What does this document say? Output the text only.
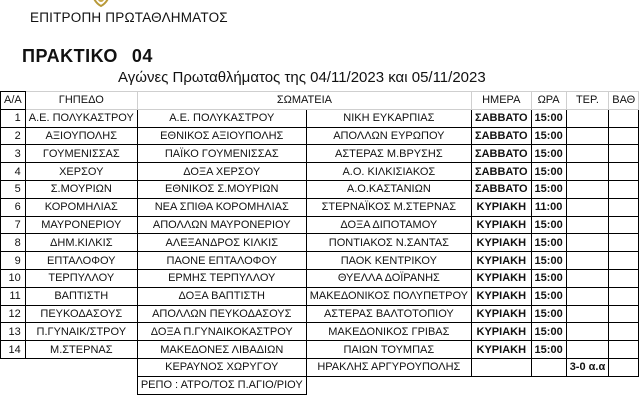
ΕΠΙΤΡΟΠΗ ΠΡΩΤΑΘΛΗΜΑΤΟΣ
ΠΡΑΚΤΙΚΟ 04
Αγώνες Πρωταθλήματος της 04/11/2023 και 05/11/2023
Α/Α	ΓΗΠΕΔΟ	ΣΩΜΑΤΕΙΑ		ΗΜΕΡΑ	ΩΡΑ	ΤΕΡ.	ΒΑΘ
1	Α.Ε. ΠΟΛΥΚΑΣΤΡΟΥ	Α.Ε. ΠΟΛΥΚΑΣΤΡΟΥ	ΝΙΚΗ ΕΥΚΑΡΠΙΑΣ	ΣΑΒΒΑΤΟ	15:00		
2	ΑΞΙΟΥΠΟΛΗΣ	ΕΘΝΙΚΟΣ ΑΞΙΟΥΠΟΛΗΣ	ΑΠΟΛΛΩΝ ΕΥΡΩΠΟΥ	ΣΑΒΒΑΤΟ	15:00		
3	ΓΟΥΜΕΝΙΣΣΑΣ	ΠΑΪΚΟ ΓΟΥΜΕΝΙΣΣΑΣ	ΑΣΤΕΡΑΣ Μ.ΒΡΥΣΗΣ	ΣΑΒΒΑΤΟ	15:00		
4	ΧΕΡΣΟΥ	ΔΟΞΑ ΧΕΡΣΟΥ	Α.Ο. ΚΙΛΚΙΣΙΑΚΟΣ	ΣΑΒΒΑΤΟ	15:00		
5	Σ.ΜΟΥΡΙΩΝ	ΕΘΝΙΚΟΣ Σ.ΜΟΥΡΙΩΝ	Α.Ο.ΚΑΣΤΑΝΙΩΝ	ΣΑΒΒΑΤΟ	15:00		
6	ΚΟΡΟΜΗΛΙΑΣ	ΝΕΑ ΣΠΙΘΑ ΚΟΡΟΜΗΛΙΑΣ	ΣΤΕΡΝΑΪΚΟΣ Μ.ΣΤΕΡΝΑΣ	ΚΥΡΙΑΚΗ	11:00		
7	ΜΑΥΡΟΝΕΡΙΟΥ	ΑΠΟΛΛΩΝ ΜΑΥΡΟΝΕΡΙΟΥ	ΔΟΞΑ ΔΙΠΟΤΑΜΟΥ	ΚΥΡΙΑΚΗ	15:00		
8	ΔΗΜ.ΚΙΛΚΙΣ	ΑΛΕΞΑΝΔΡΟΣ ΚΙΛΚΙΣ	ΠΟΝΤΙΑΚΟΣ Ν.ΣΑΝΤΑΣ	ΚΥΡΙΑΚΗ	15:00		
9	ΕΠΤΑΛΟΦΟΥ	ΠΑΟΝΕ ΕΠΤΑΛΟΦΟΥ	ΠΑΟΚ ΚΕΝΤΡΙΚΟΥ	ΚΥΡΙΑΚΗ	15:00		
10	ΤΕΡΠΥΛΛΟΥ	ΕΡΜΗΣ ΤΕΡΠΥΛΛΟΥ	ΘΥΕΛΛΑ ΔΟΪΡΑΝΗΣ	ΚΥΡΙΑΚΗ	15:00		
11	ΒΑΠΤΙΣΤΗ	ΔΟΞΑ ΒΑΠΤΙΣΤΗ	ΜΑΚΕΔΟΝΙΚΟΣ ΠΟΛΥΠΕΤΡΟΥ	ΚΥΡΙΑΚΗ	15:00		
12	ΠΕΥΚΟΔΑΣΟΥΣ	ΑΠΟΛΛΩΝ ΠΕΥΚΟΔΑΣΟΥΣ	ΑΣΤΕΡΑΣ ΒΑΛΤΟΤΟΠΙΟΥ	ΚΥΡΙΑΚΗ	15:00		
13	Π.ΓΥΝΑΙΚ/ΣΤΡΟΥ	ΔΟΞΑ Π.ΓΥΝΑΙΚΟΚΑΣΤΡΟΥ	ΜΑΚΕΔΟΝΙΚΟΣ ΓΡΙΒΑΣ	ΚΥΡΙΑΚΗ	15:00		
14	Μ.ΣΤΕΡΝΑΣ	ΜΑΚΕΔΟΝΕΣ ΛΙΒΑΔΙΩΝ	ΠΑΙΩΝ ΤΟΥΜΠΑΣ	ΚΥΡΙΑΚΗ	15:00		
		ΚΕΡΑΥΝΟΣ ΧΩΡΥΓΟΥ	ΗΡΑΚΛΗΣ ΑΡΓΥΡΟΥΠΟΛΗΣ			3-0 α.α	
		ΡΕΠΟ : ΑΤΡΟ/ΤΟΣ Π.ΑΓΙΟ/ΡΙΟΥ					
